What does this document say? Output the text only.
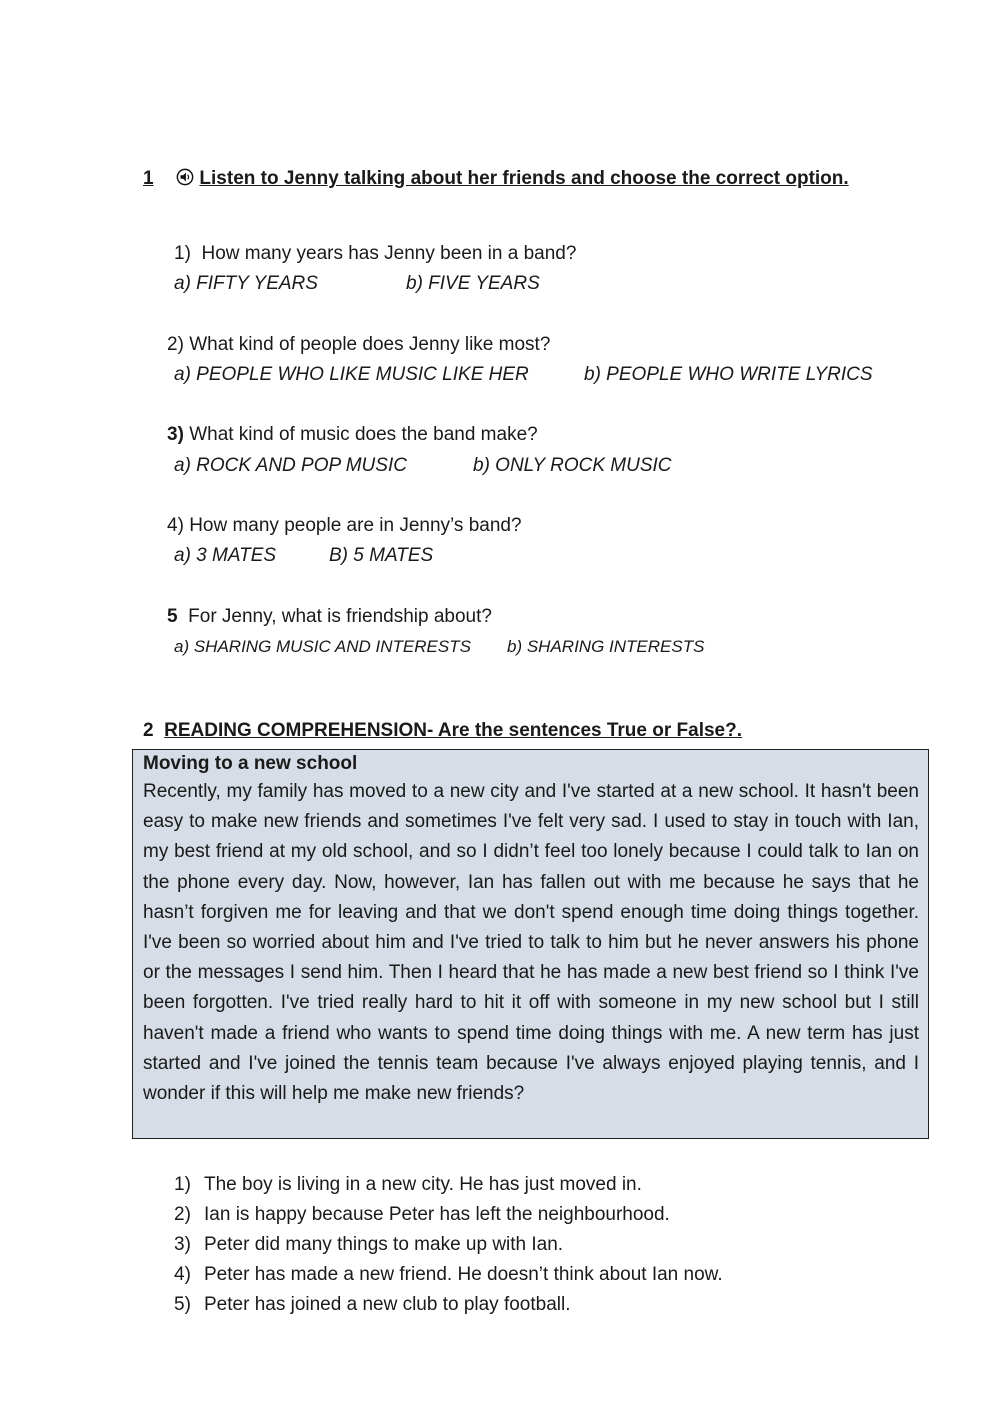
1 Listen to Jenny talking about her friends and choose the correct option.
1) How many years has Jenny been in a band?
a) FIFTY YEARS	b) FIVE YEARS
2) What kind of people does Jenny like most?
a) PEOPLE WHO LIKE MUSIC LIKE HER	b) PEOPLE WHO WRITE LYRICS
3) What kind of music does the band make?
a) ROCK AND POP MUSIC	b) ONLY ROCK MUSIC
4) How many people are in Jenny’s band?
a) 3 MATES	B) 5 MATES
5 For Jenny, what is friendship about?
a) SHARING MUSIC AND INTERESTS b) SHARING INTERESTS
2 READING COMPREHENSION- Are the sentences True or False?.
Moving to a new school
Recently, my family has moved to a new city and I've started at a new school. It hasn't been easy to make new friends and sometimes I've felt very sad. I used to stay in touch with Ian, my best friend at my old school, and so I didn’t feel too lonely because I could talk to Ian on the phone every day. Now, however, Ian has fallen out with me because he says that he hasn’t forgiven me for leaving and that we don't spend enough time doing things together. I've been so worried about him and I've tried to talk to him but he never answers his phone or the messages I send him. Then I heard that he has made a new best friend so I think I've been forgotten. I've tried really hard to hit it off with someone in my new school but I still haven't made a friend who wants to spend time doing things with me. A new term has just started and I've joined the tennis team because I've always enjoyed playing tennis, and I wonder if this will help me make new friends?
1) The boy is living in a new city. He has just moved in.
2) Ian is happy because Peter has left the neighbourhood.
3) Peter did many things to make up with Ian.
4) Peter has made a new friend. He doesn’t think about Ian now.
5) Peter has joined a new club to play football.
